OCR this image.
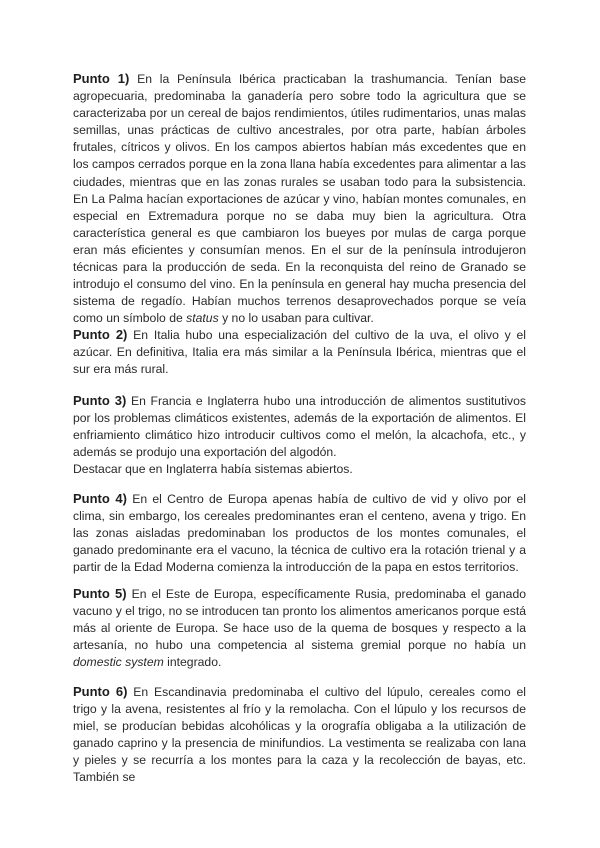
Punto 1) En la Península Ibérica practicaban la trashumancia. Tenían base agropecuaria, predominaba la ganadería pero sobre todo la agricultura que se caracterizaba por un cereal de bajos rendimientos, útiles rudimentarios, unas malas semillas, unas prácticas de cultivo ancestrales, por otra parte, habían árboles frutales, cítricos y olivos. En los campos abiertos habían más excedentes que en los campos cerrados porque en la zona llana había excedentes para alimentar a las ciudades, mientras que en las zonas rurales se usaban todo para la subsistencia. En La Palma hacían exportaciones de azúcar y vino, habían montes comunales, en especial en Extremadura porque no se daba muy bien la agricultura. Otra característica general es que cambiaron los bueyes por mulas de carga porque eran más eficientes y consumían menos. En el sur de la península introdujeron técnicas para la producción de seda. En la reconquista del reino de Granado se introdujo el consumo del vino. En la península en general hay mucha presencia del sistema de regadío. Habían muchos terrenos desaprovechados porque se veía como un símbolo de status y no lo usaban para cultivar.

Punto 2) En Italia hubo una especialización del cultivo de la uva, el olivo y el azúcar. En definitiva, Italia era más similar a la Península Ibérica, mientras que el sur era más rural.

Punto 3) En Francia e Inglaterra hubo una introducción de alimentos sustitutivos por los problemas climáticos existentes, además de la exportación de alimentos. El enfriamiento climático hizo introducir cultivos como el melón, la alcachofa, etc., y además se produjo una exportación del algodón.
Destacar que en Inglaterra había sistemas abiertos.

Punto 4) En el Centro de Europa apenas había de cultivo de vid y olivo por el clima, sin embargo, los cereales predominantes eran el centeno, avena y trigo. En las zonas aisladas predominaban los productos de los montes comunales, el ganado predominante era el vacuno, la técnica de cultivo era la rotación trienal y a partir de la Edad Moderna comienza la introducción de la papa en estos territorios.

Punto 5) En el Este de Europa, específicamente Rusia, predominaba el ganado vacuno y el trigo, no se introducen tan pronto los alimentos americanos porque está más al oriente de Europa. Se hace uso de la quema de bosques y respecto a la artesanía, no hubo una competencia al sistema gremial porque no había un domestic system integrado.

Punto 6) En Escandinavia predominaba el cultivo del lúpulo, cereales como el trigo y la avena, resistentes al frío y la remolacha. Con el lúpulo y los recursos de miel, se producían bebidas alcohólicas y la orografía obligaba a la utilización de ganado caprino y la presencia de minifundios. La vestimenta se realizaba con lana y pieles y se recurría a los montes para la caza y la recolección de bayas, etc. También se
